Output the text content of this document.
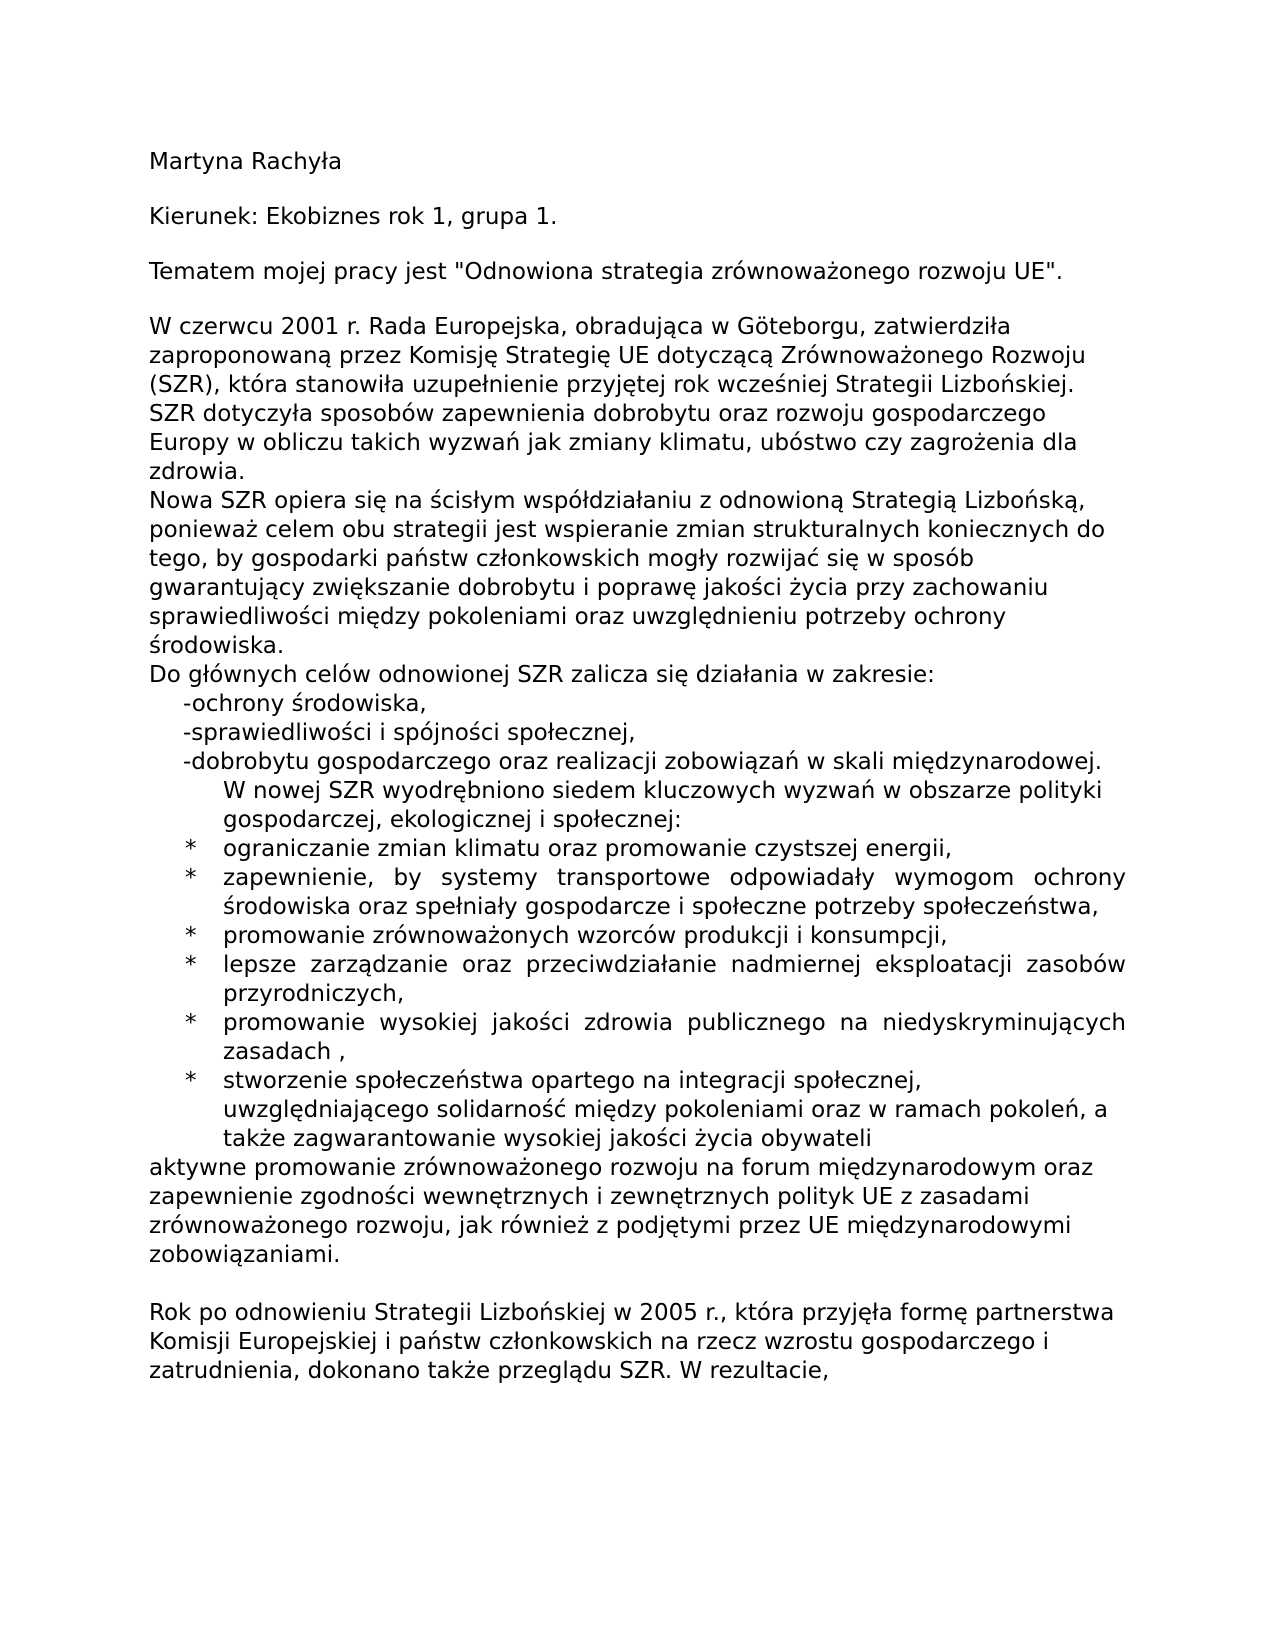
Martyna Rachyła

Kierunek: Ekobiznes rok 1, grupa 1.

Tematem mojej pracy jest "Odnowiona strategia zrównoważonego rozwoju UE".

W czerwcu 2001 r. Rada Europejska, obradująca w Göteborgu, zatwierdziła zaproponowaną przez Komisję Strategię UE dotyczącą Zrównoważonego Rozwoju (SZR), która stanowiła uzupełnienie przyjętej rok wcześniej Strategii Lizbońskiej. SZR dotyczyła sposobów zapewnienia dobrobytu oraz rozwoju gospodarczego Europy w obliczu takich wyzwań jak zmiany klimatu, ubóstwo czy zagrożenia dla zdrowia.

Nowa SZR opiera się na ścisłym współdziałaniu z odnowioną Strategią Lizbońską, ponieważ celem obu strategii jest wspieranie zmian strukturalnych koniecznych do tego, by gospodarki państw członkowskich mogły rozwijać się w sposób gwarantujący zwiększanie dobrobytu i poprawę jakości życia przy zachowaniu sprawiedliwości między pokoleniami oraz uwzględnieniu potrzeby ochrony środowiska.

Do głównych celów odnowionej SZR zalicza się działania w zakresie:

-ochrony środowiska,

-sprawiedliwości i spójności społecznej,

-dobrobytu gospodarczego oraz realizacji zobowiązań w skali międzynarodowej.

W nowej SZR wyodrębniono siedem kluczowych wyzwań w obszarze polityki gospodarczej, ekologicznej i społecznej:

* ograniczanie zmian klimatu oraz promowanie czystszej energii,
* zapewnienie, by systemy transportowe odpowiadały wymogom ochrony środowiska oraz spełniały gospodarcze i społeczne potrzeby społeczeństwa,
* promowanie zrównoważonych wzorców produkcji i konsumpcji,
* lepsze zarządzanie oraz przeciwdziałanie nadmiernej eksploatacji zasobów przyrodniczych,
* promowanie wysokiej jakości zdrowia publicznego na niedyskryminujących zasadach ,
* stworzenie społeczeństwa opartego na integracji społecznej, uwzględniającego solidarność między pokoleniami oraz w ramach pokoleń, a także zagwarantowanie wysokiej jakości życia obywateli

aktywne promowanie zrównoważonego rozwoju na forum międzynarodowym oraz zapewnienie zgodności wewnętrznych i zewnętrznych polityk UE z zasadami zrównoważonego rozwoju, jak również z podjętymi przez UE międzynarodowymi zobowiązaniami.

Rok po odnowieniu Strategii Lizbońskiej w 2005 r., która przyjęła formę partnerstwa Komisji Europejskiej i państw członkowskich na rzecz wzrostu gospodarczego i zatrudnienia, dokonano także przeglądu SZR. W rezultacie,
